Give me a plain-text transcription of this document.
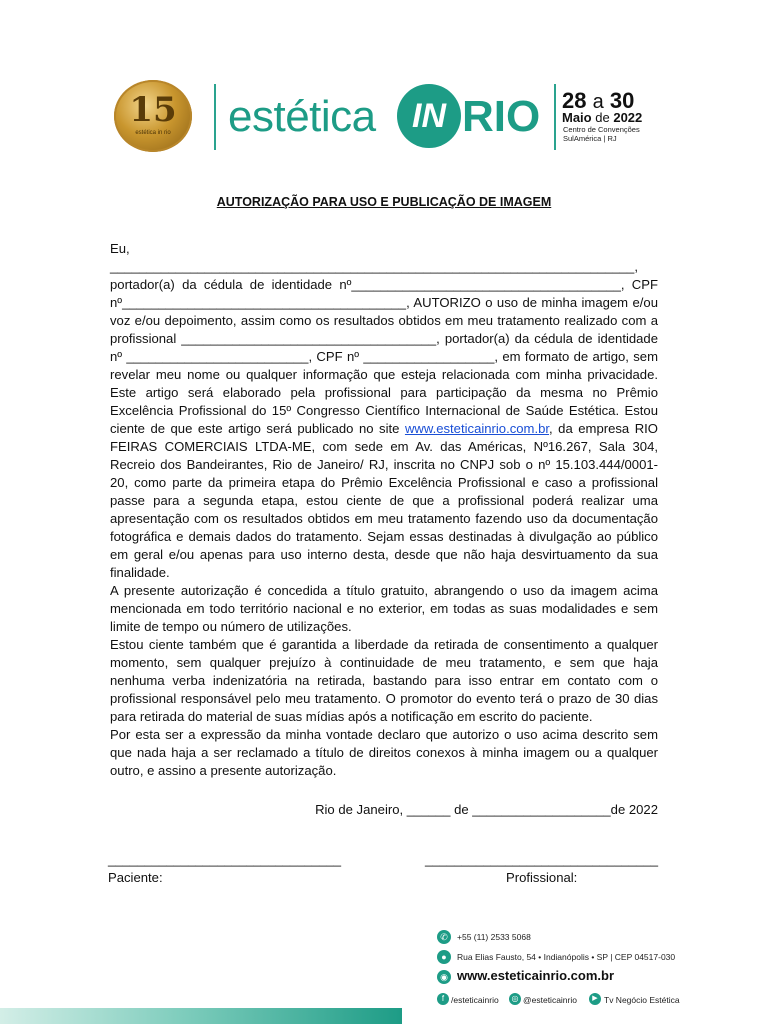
15
estética in rio	estética	IN RIO 28 a 30
Maio de 2022
Centro de Convenções
SulAmérica | RJ
AUTORIZAÇÃO PARA USO E PUBLICAÇÃO DE IMAGEM

Eu, ________________________________________________________________________, portador(a) da cédula de identidade nº_____________________________________, CPF nº_______________________________________, AUTORIZO o uso de minha imagem e/ou voz e/ou depoimento, assim como os resultados obtidos em meu tratamento realizado com a profissional ___________________________________, portador(a) da cédula de identidade nº _________________________, CPF nº __________________, em formato de artigo, sem revelar meu nome ou qualquer informação que esteja relacionada com minha privacidade. Este artigo será elaborado pela profissional para participação da mesma no Prêmio Excelência Profissional do 15º Congresso Científico Internacional de Saúde Estética. Estou ciente de que este artigo será publicado no site www.esteticainrio.com.br, da empresa RIO FEIRAS COMERCIAIS LTDA-ME, com sede em Av. das Américas, Nº16.267, Sala 304, Recreio dos Bandeirantes, Rio de Janeiro/ RJ, inscrita no CNPJ sob o nº 15.103.444/0001- 20, como parte da primeira etapa do Prêmio Excelência Profissional e caso a profissional passe para a segunda etapa, estou ciente de que a profissional poderá realizar uma apresentação com os resultados obtidos em meu tratamento fazendo uso da documentação fotográfica e demais dados do tratamento. Sejam essas destinadas à divulgação ao público em geral e/ou apenas para uso interno desta, desde que não haja desvirtuamento da sua finalidade.

A presente autorização é concedida a título gratuito, abrangendo o uso da imagem acima mencionada em todo território nacional e no exterior, em todas as suas modalidades e sem limite de tempo ou número de utilizações.

Estou ciente também que é garantida a liberdade da retirada de consentimento a qualquer momento, sem qualquer prejuízo à continuidade de meu tratamento, e sem que haja nenhuma verba indenizatória na retirada, bastando para isso entrar em contato com o profissional responsável pelo meu tratamento. O promotor do evento terá o prazo de 30 dias para retirada do material de suas mídias após a notificação em escrito do paciente.

Por esta ser a expressão da minha vontade declaro que autorizo o uso acima descrito sem que nada haja a ser reclamado a título de direitos conexos à minha imagem ou a qualquer outro, e assino a presente autorização.

Rio de Janeiro, ______ de ___________________de 2022
________________________________	________________________________
Paciente:	Profissional:
✆	+55 (11) 2533 5068
●	Rua Elias Fausto, 54 • Indianópolis • SP | CEP 04517-030
◉ www.esteticainrio.com.br
f /esteticainrio	◎ @esteticainrio	▶ Tv Negócio Estética
